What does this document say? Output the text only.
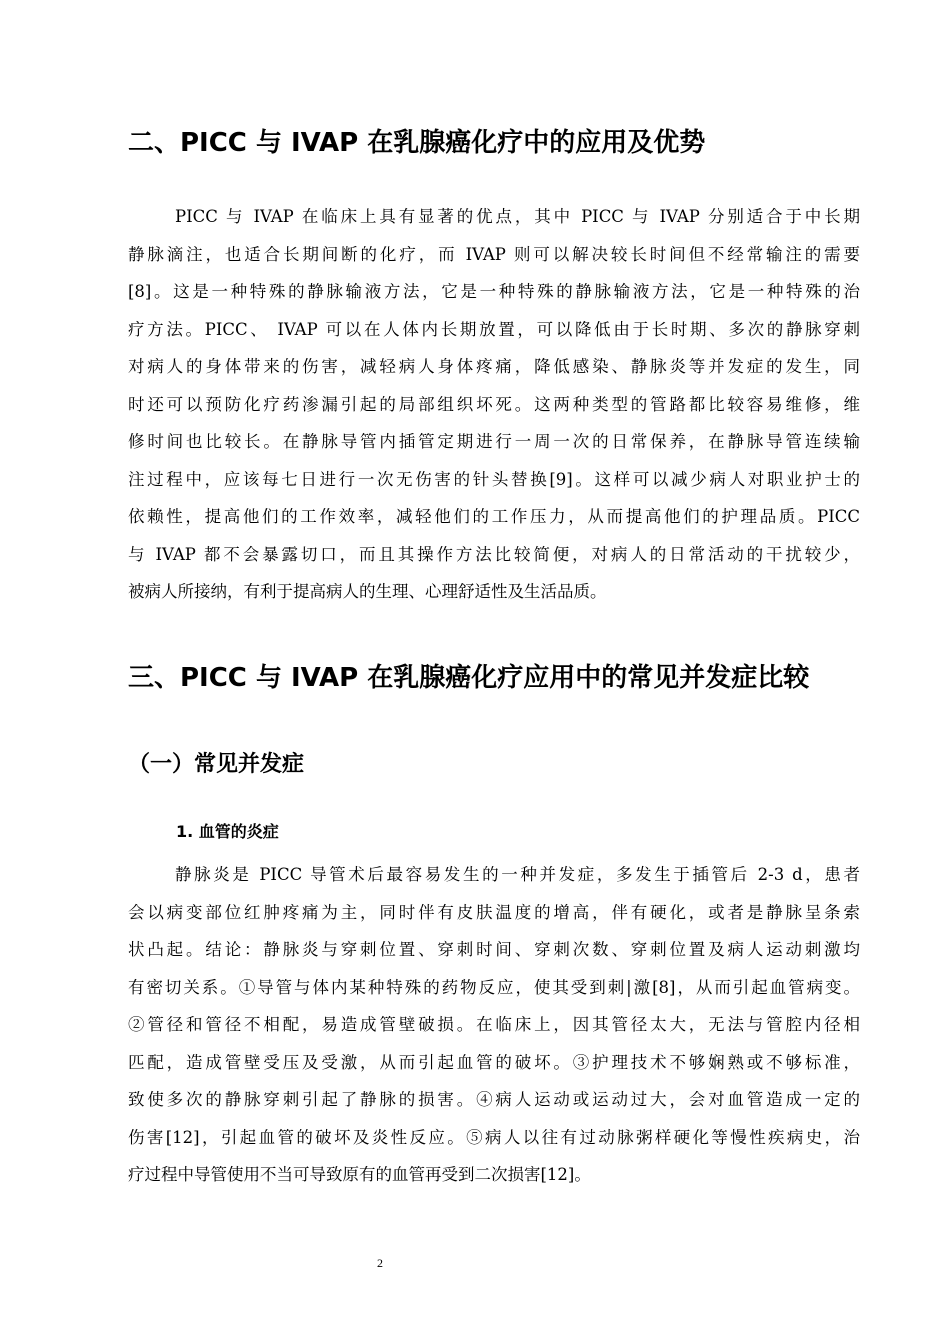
二、PICC 与 IVAP 在乳腺癌化疗中的应用及优势
PICC 与 IVAP 在临床上具有显著的优点，其中 PICC 与 IVAP 分别适合于中长期
静脉滴注，也适合长期间断的化疗，而 IVAP 则可以解决较长时间但不经常输注的需要
[8]。这是一种特殊的静脉输液方法，它是一种特殊的静脉输液方法，它是一种特殊的治
疗方法。PICC、 IVAP 可以在人体内长期放置，可以降低由于长时期、多次的静脉穿刺
对病人的身体带来的伤害，减轻病人身体疼痛，降低感染、静脉炎等并发症的发生，同
时还可以预防化疗药渗漏引起的局部组织坏死。这两种类型的管路都比较容易维修，维
修时间也比较长。在静脉导管内插管定期进行一周一次的日常保养，在静脉导管连续输
注过程中，应该每七日进行一次无伤害的针头替换[9]。这样可以减少病人对职业护士的
依赖性，提高他们的工作效率，减轻他们的工作压力，从而提高他们的护理品质。PICC
与 IVAP 都不会暴露切口，而且其操作方法比较简便，对病人的日常活动的干扰较少，
被病人所接纳，有利于提高病人的生理、心理舒适性及生活品质。
三、PICC 与 IVAP 在乳腺癌化疗应用中的常见并发症比较
（一）常见并发症
1. 血管的炎症
静脉炎是 PICC 导管术后最容易发生的一种并发症，多发生于插管后 2-3 d，患者
会以病变部位红肿疼痛为主，同时伴有皮肤温度的增高，伴有硬化，或者是静脉呈条索
状凸起。结论：静脉炎与穿刺位置、穿刺时间、穿刺次数、穿刺位置及病人运动刺激均
有密切关系。①导管与体内某种特殊的药物反应，使其受到刺|激[8]，从而引起血管病变。
②管径和管径不相配，易造成管壁破损。在临床上，因其管径太大，无法与管腔内径相
匹配，造成管壁受压及受激，从而引起血管的破坏。③护理技术不够娴熟或不够标准，
致使多次的静脉穿刺引起了静脉的损害。④病人运动或运动过大，会对血管造成一定的
伤害[12]，引起血管的破坏及炎性反应。⑤病人以往有过动脉粥样硬化等慢性疾病史，治
疗过程中导管使用不当可导致原有的血管再受到二次损害[12]。
2
